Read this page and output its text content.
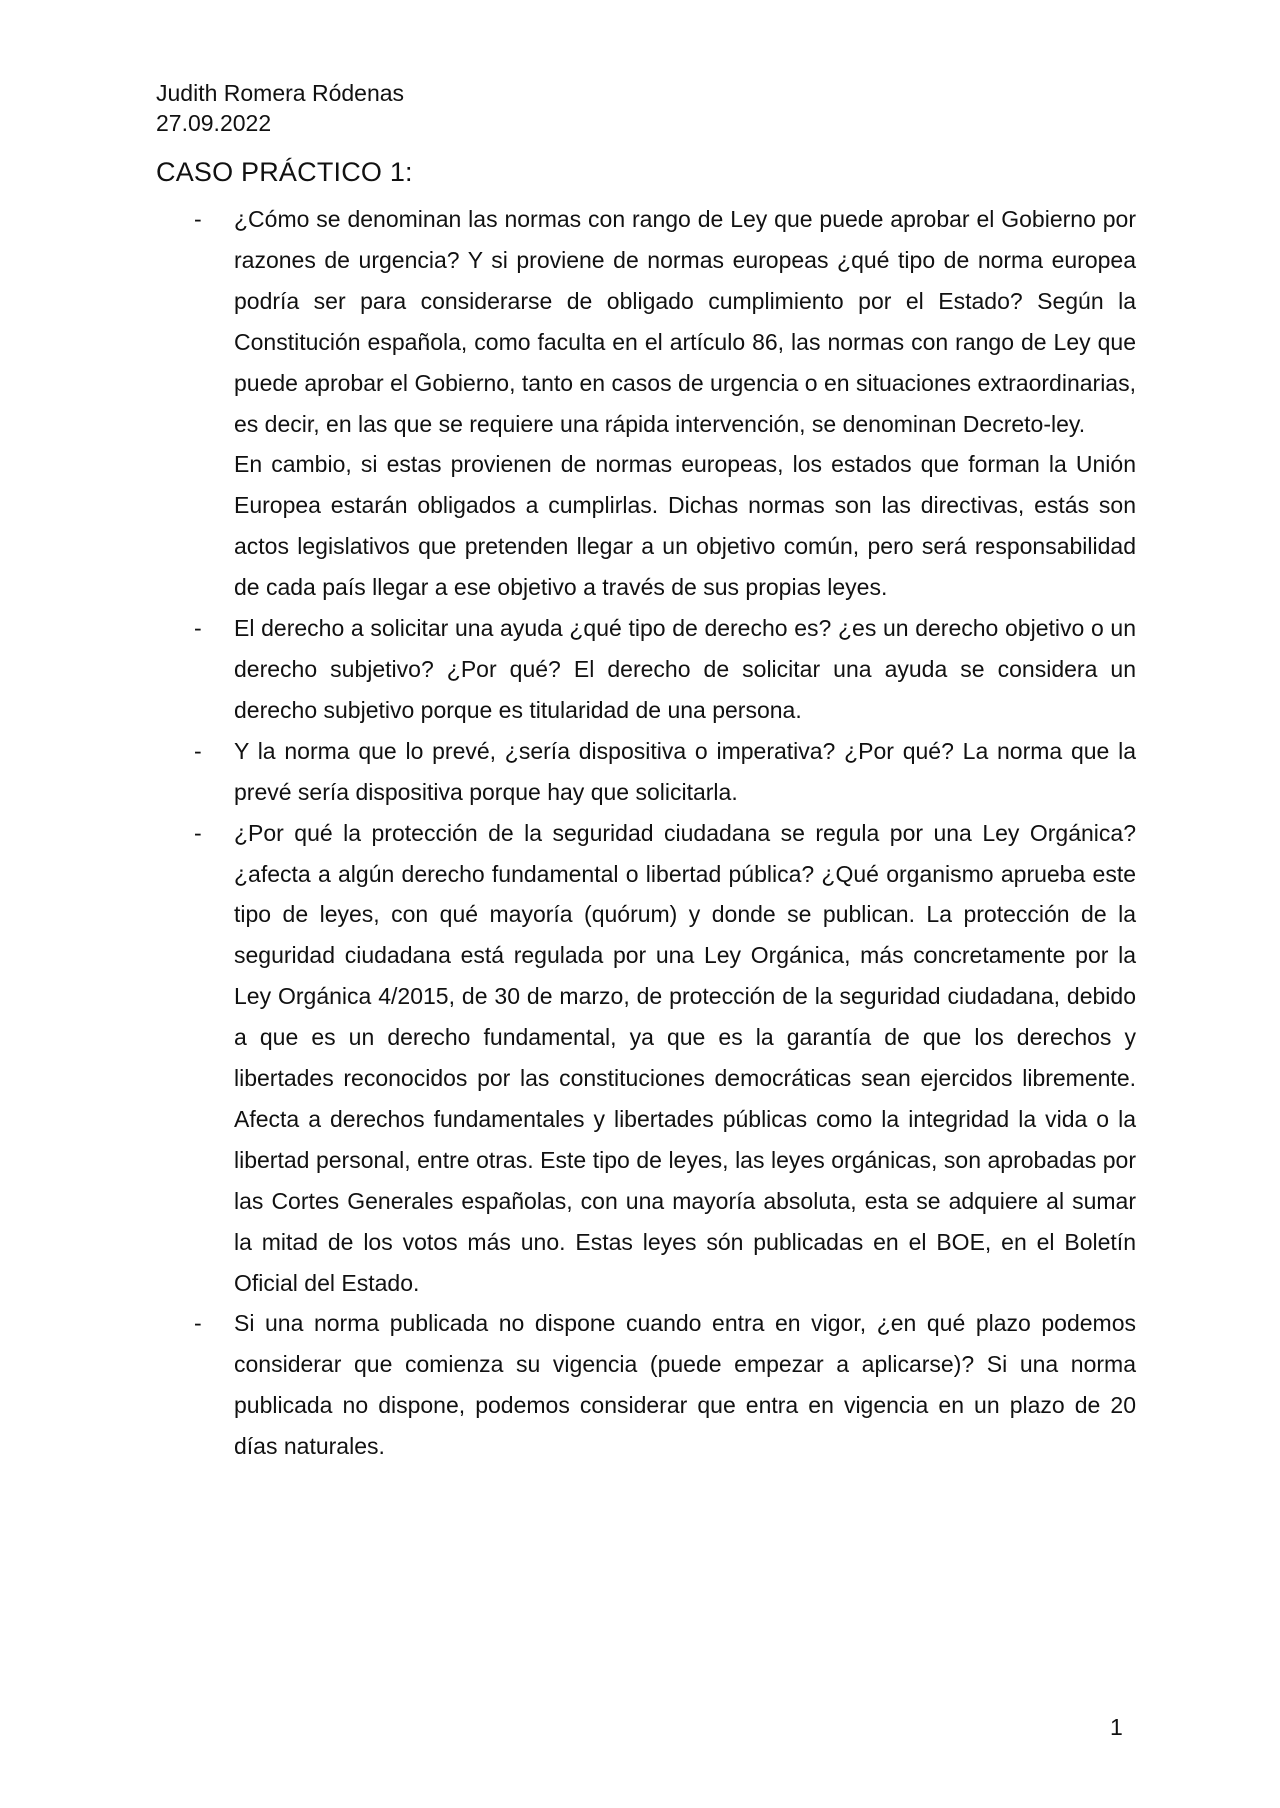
Judith Romera Ródenas
27.09.2022
CASO PRÁCTICO 1:
- ¿Cómo se denominan las normas con rango de Ley que puede aprobar el Gobierno por razones de urgencia? Y si proviene de normas europeas ¿qué tipo de norma europea podría ser para considerarse de obligado cumplimiento por el Estado? Según la Constitución española, como faculta en el artículo 86, las normas con rango de Ley que puede aprobar el Gobierno, tanto en casos de urgencia o en situaciones extraordinarias, es decir, en las que se requiere una rápida intervención, se denominan Decreto-ley.

En cambio, si estas provienen de normas europeas, los estados que forman la Unión Europea estarán obligados a cumplirlas. Dichas normas son las directivas, estás son actos legislativos que pretenden llegar a un objetivo común, pero será responsabilidad de cada país llegar a ese objetivo a través de sus propias leyes.

- El derecho a solicitar una ayuda ¿qué tipo de derecho es? ¿es un derecho objetivo o un derecho subjetivo? ¿Por qué? El derecho de solicitar una ayuda se considera un derecho subjetivo porque es titularidad de una persona.

- Y la norma que lo prevé, ¿sería dispositiva o imperativa? ¿Por qué? La norma que la prevé sería dispositiva porque hay que solicitarla.

- ¿Por qué la protección de la seguridad ciudadana se regula por una Ley Orgánica? ¿afecta a algún derecho fundamental o libertad pública? ¿Qué organismo aprueba este tipo de leyes, con qué mayoría (quórum) y donde se publican. La protección de la seguridad ciudadana está regulada por una Ley Orgánica, más concretamente por la Ley Orgánica 4/2015, de 30 de marzo, de protección de la seguridad ciudadana, debido a que es un derecho fundamental, ya que es la garantía de que los derechos y libertades reconocidos por las constituciones democráticas sean ejercidos libremente. Afecta a derechos fundamentales y libertades públicas como la integridad la vida o la libertad personal, entre otras. Este tipo de leyes, las leyes orgánicas, son aprobadas por las Cortes Generales españolas, con una mayoría absoluta, esta se adquiere al sumar la mitad de los votos más uno. Estas leyes són publicadas en el BOE, en el Boletín Oficial del Estado.

- Si una norma publicada no dispone cuando entra en vigor, ¿en qué plazo podemos considerar que comienza su vigencia (puede empezar a aplicarse)? Si una norma publicada no dispone, podemos considerar que entra en vigencia en un plazo de 20 días naturales.

1
